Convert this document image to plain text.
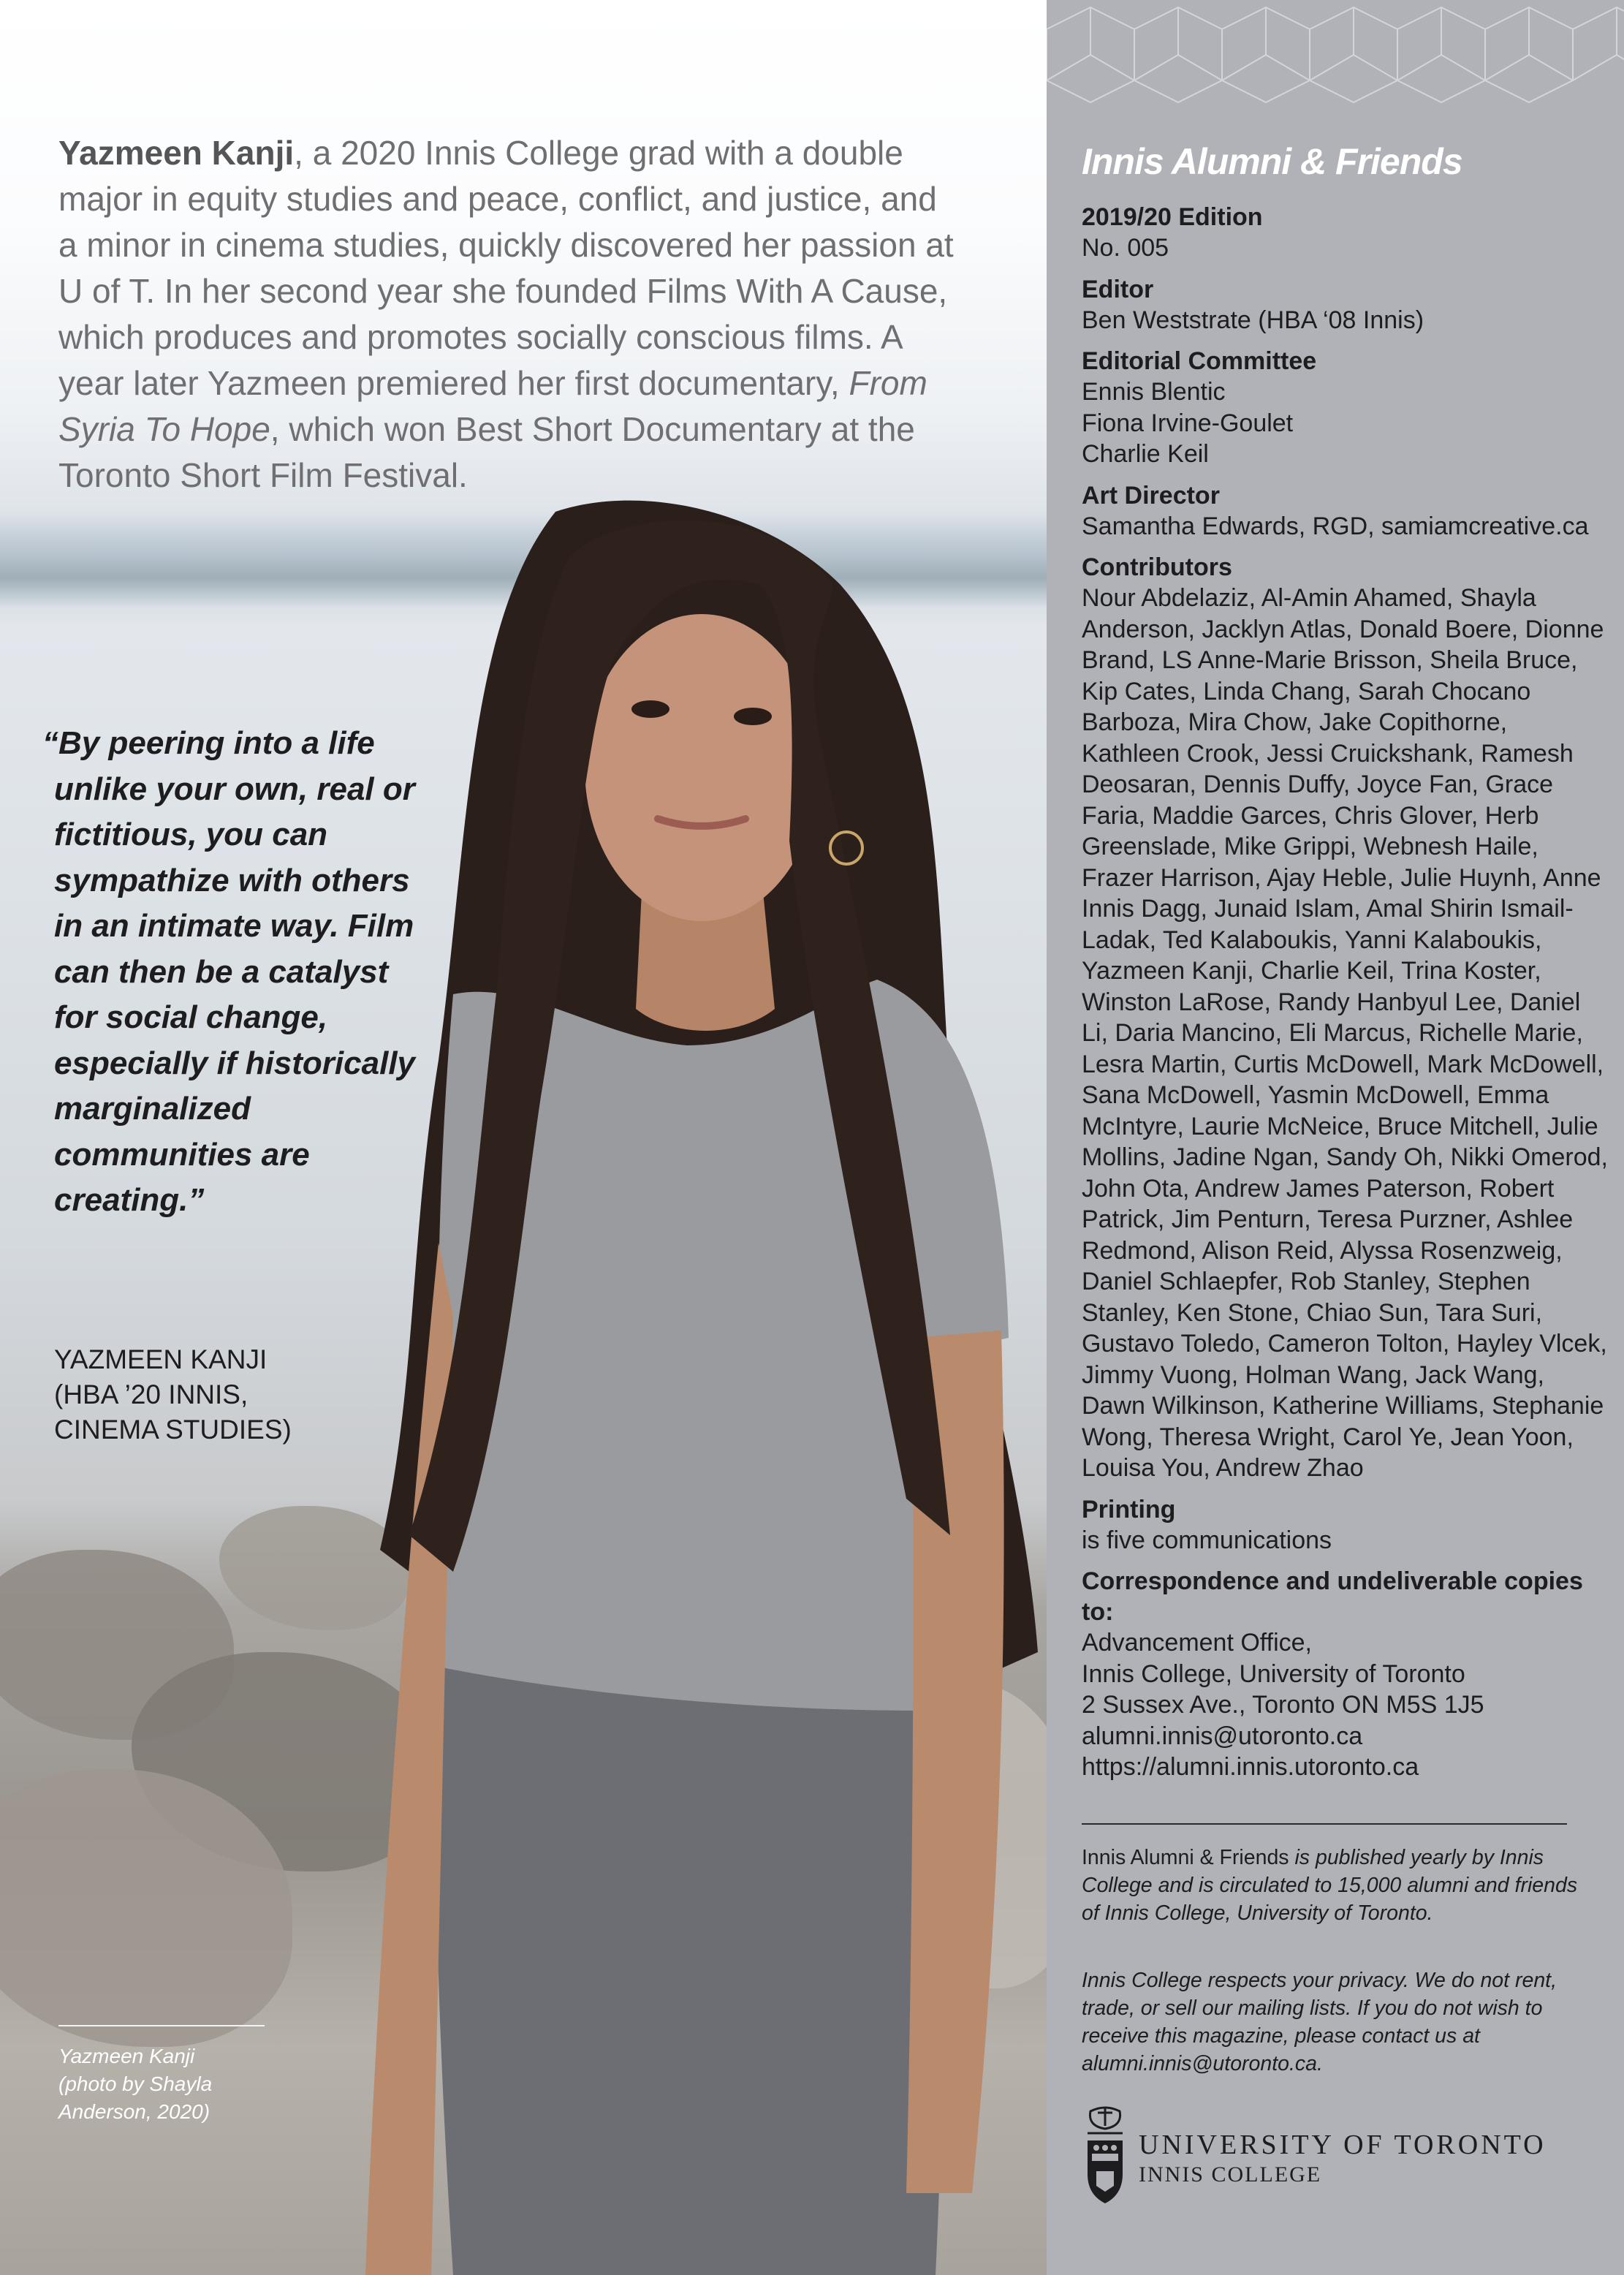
Yazmeen Kanji, a 2020 Innis College grad with a double major in equity studies and peace, conflict, and justice, and a minor in cinema studies, quickly discovered her passion at U of T. In her second year she founded Films With A Cause, which produces and promotes socially conscious films. A year later Yazmeen premiered her first documentary, From Syria To Hope, which won Best Short Documentary at the Toronto Short Film Festival.

“By peering into a life unlike your own, real or fictitious, you can sympathize with others in an intimate way. Film can then be a catalyst for social change, especially if historically marginalized communities are creating.”
YAZMEEN KANJI
(HBA ’20 INNIS,
CINEMA STUDIES)
Yazmeen Kanji
(photo by Shayla
Anderson, 2020)
Innis Alumni & Friends
2019/20 Edition
No. 005
Editor
Ben Weststrate (HBA ‘08 Innis)
Editorial Committee
Ennis Blentic
Fiona Irvine-Goulet
Charlie Keil
Art Director
Samantha Edwards, RGD, samiamcreative.ca
Contributors
Nour Abdelaziz, Al-Amin Ahamed, Shayla Anderson, Jacklyn Atlas, Donald Boere, Dionne Brand, LS Anne-Marie Brisson, Sheila Bruce, Kip Cates, Linda Chang, Sarah Chocano Barboza, Mira Chow, Jake Copithorne, Kathleen Crook, Jessi Cruickshank, Ramesh Deosaran, Dennis Duffy, Joyce Fan, Grace Faria, Maddie Garces, Chris Glover, Herb Greenslade, Mike Grippi, Webnesh Haile, Frazer Harrison, Ajay Heble, Julie Huynh, Anne Innis Dagg, Junaid Islam, Amal Shirin Ismail-Ladak, Ted Kalaboukis, Yanni Kalaboukis, Yazmeen Kanji, Charlie Keil, Trina Koster, Winston LaRose, Randy Hanbyul Lee, Daniel Li, Daria Mancino, Eli Marcus, Richelle Marie, Lesra Martin, Curtis McDowell, Mark McDowell, Sana McDowell, Yasmin McDowell, Emma McIntyre, Laurie McNeice, Bruce Mitchell, Julie Mollins, Jadine Ngan, Sandy Oh, Nikki Omerod, John Ota, Andrew James Paterson, Robert Patrick, Jim Penturn, Teresa Purzner, Ashlee Redmond, Alison Reid, Alyssa Rosenzweig, Daniel Schlaepfer, Rob Stanley, Stephen Stanley, Ken Stone, Chiao Sun, Tara Suri, Gustavo Toledo, Cameron Tolton, Hayley Vlcek, Jimmy Vuong, Holman Wang, Jack Wang, Dawn Wilkinson, Katherine Williams, Stephanie Wong, Theresa Wright, Carol Ye, Jean Yoon, Louisa You, Andrew Zhao
Printing
is five communications
Correspondence and undeliverable copies to:
Advancement Office,
Innis College, University of Toronto
2 Sussex Ave., Toronto ON M5S 1J5
alumni.innis@utoronto.ca
https://alumni.innis.utoronto.ca
Innis Alumni & Friends is published yearly by Innis College and is circulated to 15,000 alumni and friends of Innis College, University of Toronto.
Innis College respects your privacy. We do not rent, trade, or sell our mailing lists. If you do not wish to receive this magazine, please contact us at alumni.innis@utoronto.ca.
UNIVERSITY OF TORONTO
INNIS COLLEGE
